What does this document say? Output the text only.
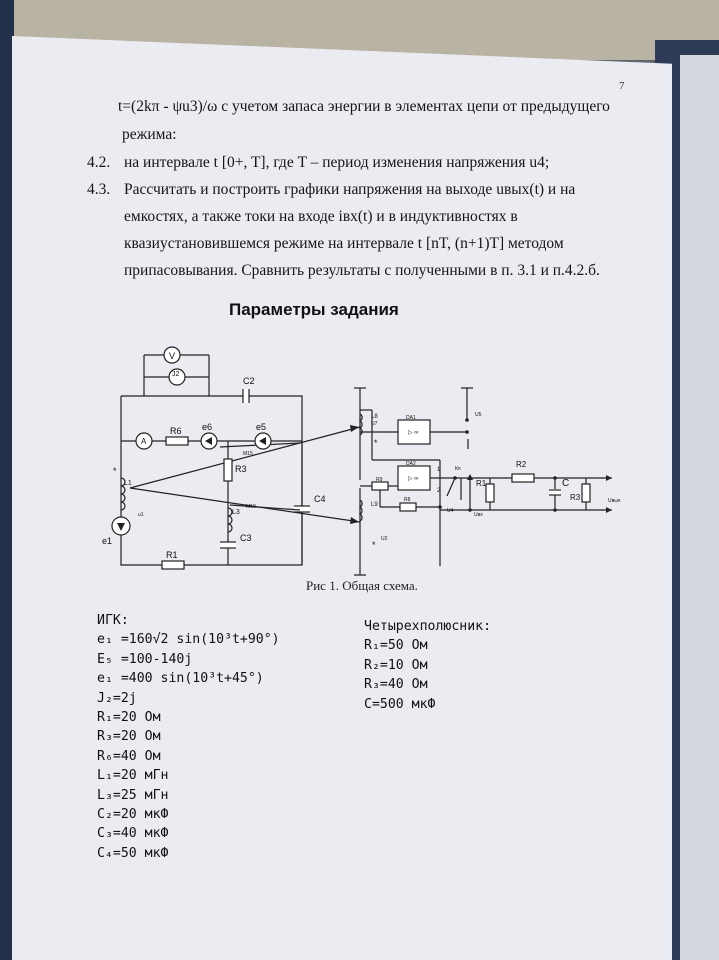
7
t=(2kπ - ψu3)/ω с учетом запаса энергии в элементах цепи от предыдущего
режима:
4.2. на интервале t [0+, T], где T – период изменения напряжения u4;
4.3. Рассчитать и построить графики напряжения на выходе uвых(t) и на
емкостях, а также токи на входе iвх(t) и в индуктивностях в
квазиустановившемся режиме на интервале t [nT, (n+1)T] методом
припасовывания. Сравнить результаты с полученными в п. 3.1 и п.4.2.б.
Параметры задания
V
J2
C2
A
R6 e6	e5
R3
M15
L1
M19
C4
L3
C3
u1
e1
R1
*
L8
U7
DA1
▷ ∞
U5
DA2
▷ ∞
1
2
Кп	R2
R1	C
R3
Uвх
U4
Uвых
R9
R8
L9
U2
*
*
Рис 1. Общая схема.
ИГК:
e₁ =160√2 sin(10³t+90°)
E₅ =100-140j
e₁ =400 sin(10³t+45°)
J₂=2j
R₁=20 Ом
R₃=20 Ом
R₆=40 Ом
L₁=20 мГн
L₃=25 мГн
C₂=20 мкФ
C₃=40 мкФ
C₄=50 мкФ
Четырехполюсник:
R₁=50 Ом
R₂=10 Ом
R₃=40 Ом
C=500 мкФ
